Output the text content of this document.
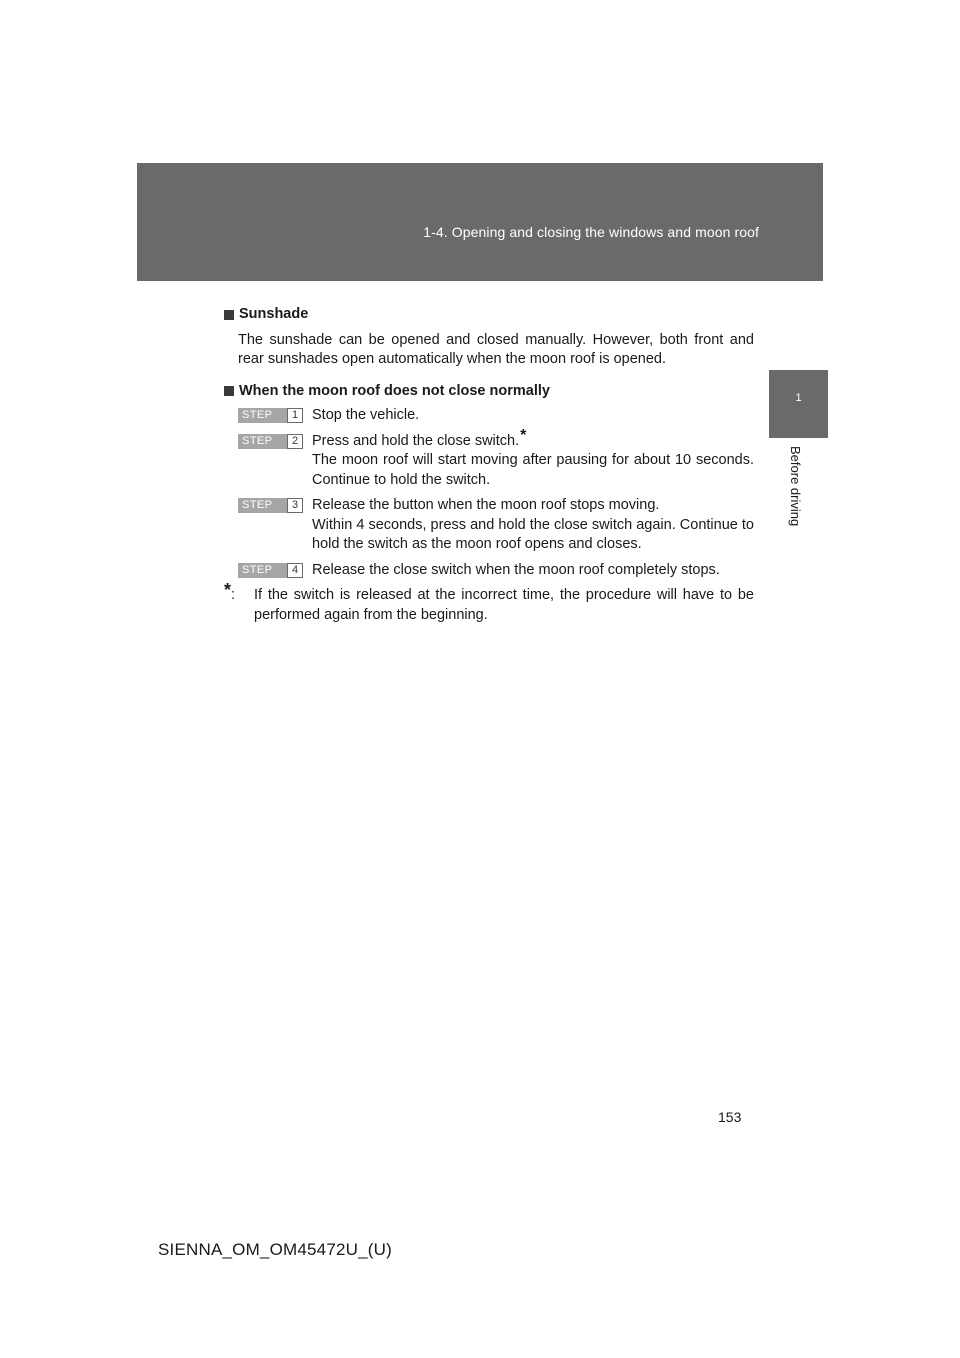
1-4. Opening and closing the windows and moon roof
1
Before driving

Sunshade

The sunshade can be opened and closed manually. However, both front and rear sunshades open automatically when the moon roof is opened.

When the moon roof does not close normally

STEP	1 Stop the vehicle.
STEP	2 Press and hold the close switch.*
The moon roof will start moving after pausing for about 10 seconds. Continue to hold the switch.
STEP	3 Release the button when the moon roof stops moving.
Within 4 seconds, press and hold the close switch again. Continue to hold the switch as the moon roof opens and closes.
STEP	4 Release the close switch when the moon roof completely stops.
*:	If the switch is released at the incorrect time, the procedure will have to be performed again from the beginning.
153
SIENNA_OM_OM45472U_(U)
